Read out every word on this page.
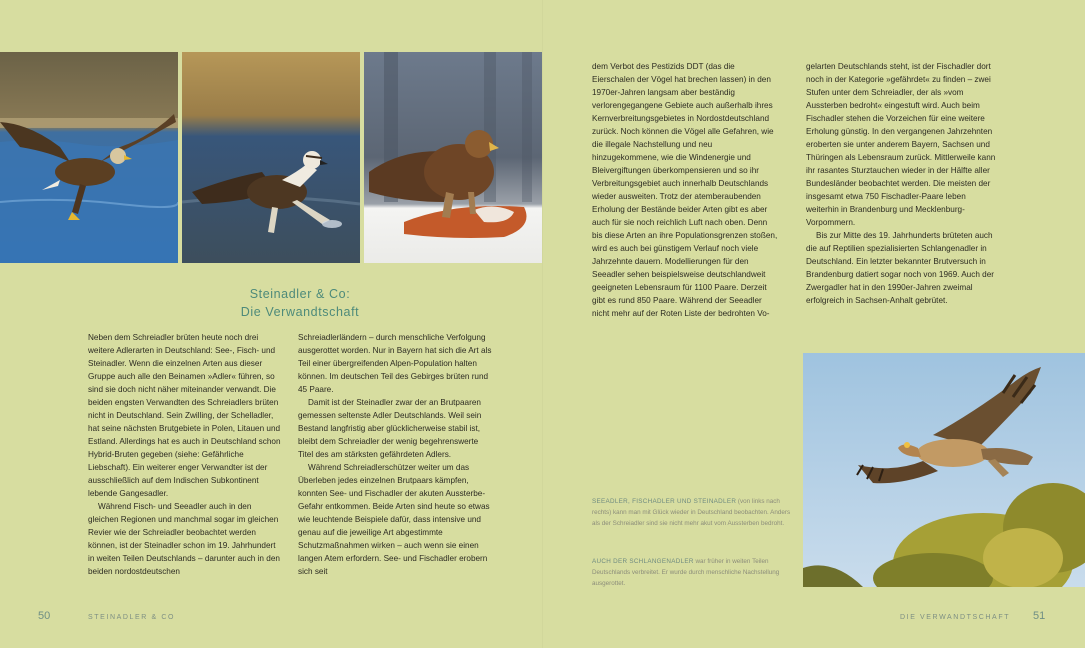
Steinadler & Co:
Die Verwandtschaft

Neben dem Schreiadler brüten heute noch drei weitere Adlerarten in Deutschland: See-, Fisch- und Steinadler. Wenn die einzelnen Arten aus dieser Gruppe auch alle den Beinamen »Adler« führen, so sind sie doch nicht näher miteinander verwandt. Die beiden engsten Verwandten des Schreiadlers brüten nicht in Deutschland. Sein Zwilling, der Schelladler, hat seine nächsten Brutgebiete in Polen, Litauen und Estland. Allerdings hat es auch in Deutschland schon Hybrid-Bruten gegeben (siehe: Gefährliche Liebschaft). Ein weiterer enger Verwandter ist der ausschließlich auf dem Indischen Subkontinent lebende Gangesadler.

Während Fisch- und Seeadler auch in den gleichen Regionen und manchmal sogar im gleichen Revier wie der Schreiadler beobachtet werden können, ist der Steinadler schon im 19. Jahrhundert in weiten Teilen Deutschlands – darunter auch in den beiden nordostdeutschen

Schreiadlerländern – durch menschliche Verfolgung ausgerottet worden. Nur in Bayern hat sich die Art als Teil einer übergreifenden Alpen-Population halten können. Im deutschen Teil des Gebirges brüten rund 45 Paare.

Damit ist der Steinadler zwar der an Brutpaaren gemessen seltenste Adler Deutschlands. Weil sein Bestand langfristig aber glücklicherweise stabil ist, bleibt dem Schreiadler der wenig begehrenswerte Titel des am stärksten gefährdeten Adlers.

Während Schreiadlerschützer weiter um das Überleben jedes einzelnen Brutpaars kämpfen, konnten See- und Fischadler der akuten Aussterbe-Gefahr entkommen. Beide Arten sind heute so etwas wie leuchtende Beispiele dafür, dass intensive und genau auf die jeweilige Art abgestimmte Schutzmaßnahmen wirken – auch wenn sie einen langen Atem erfordern. See- und Fischadler erobern sich seit

dem Verbot des Pestizids DDT (das die Eierschalen der Vögel hat brechen lassen) in den 1970er-Jahren langsam aber beständig verlorengegangene Gebiete auch außerhalb ihres Kernverbreitungsgebietes in Nordostdeutschland zurück. Noch können die Vögel alle Gefahren, wie die illegale Nachstellung und neu hinzugekommene, wie die Windenergie und Bleivergiftungen überkompensieren und so ihr Verbreitungsgebiet auch innerhalb Deutschlands wieder ausweiten. Trotz der atemberaubenden Erholung der Bestände beider Arten gibt es aber auch für sie noch reichlich Luft nach oben. Denn bis diese Arten an ihre Populationsgrenzen stoßen, wird es auch bei günstigem Verlauf noch viele Jahrzehnte dauern. Modellierungen für den Seeadler sehen beispielsweise deutschlandweit geeigneten Lebensraum für 1100 Paare. Derzeit gibt es rund 850 Paare. Während der Seeadler nicht mehr auf der Roten Liste der bedrohten Vo-

gelarten Deutschlands steht, ist der Fischadler dort noch in der Kategorie »gefährdet« zu finden – zwei Stufen unter dem Schreiadler, der als »vom Aussterben bedroht« eingestuft wird. Auch beim Fischadler stehen die Vorzeichen für eine weitere Erholung günstig. In den vergangenen Jahrzehnten eroberten sie unter anderem Bayern, Sachsen und Thüringen als Lebensraum zurück. Mittlerweile kann ihr rasantes Sturztauchen wieder in der Hälfte aller Bundesländer beobachtet werden. Die meisten der insgesamt etwa 750 Fischadler-Paare leben weiterhin in Brandenburg und Mecklenburg-Vorpommern.

Bis zur Mitte des 19. Jahrhunderts brüteten auch die auf Reptilien spezialisierten Schlangenadler in Deutschland. Ein letzter bekannter Brutversuch in Brandenburg datiert sogar noch von 1969. Auch der Zwergadler hat in den 1990er-Jahren zweimal erfolgreich in Sachsen-Anhalt gebrütet.

SEEADLER, FISCHADLER UND STEINADLER (von links nach rechts) kann man mit Glück wieder in Deutschland beobachten. Anders als der Schreiadler sind sie nicht mehr akut vom Aussterben bedroht.
AUCH DER SCHLANGENADLER war früher in weiten Teilen Deutschlands verbreitet. Er wurde durch menschliche Nachstellung ausgerottet.
50	STEINADLER & CO	DIE VERWANDTSCHAFT 51
